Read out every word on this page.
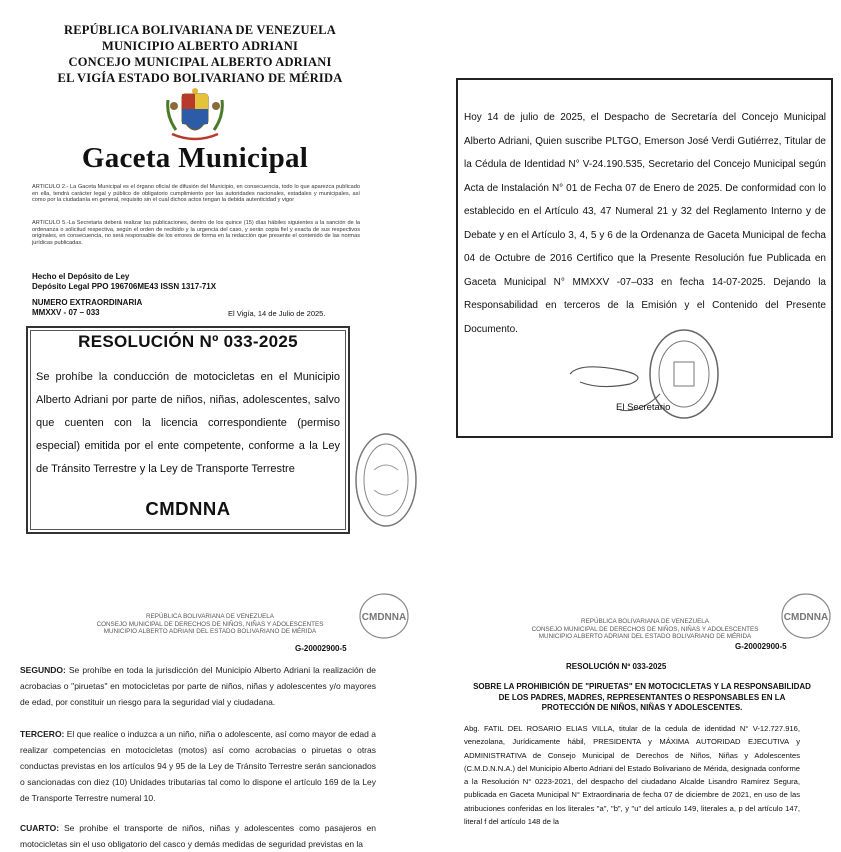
REPÚBLICA BOLIVARIANA DE VENEZUELA
MUNICIPIO ALBERTO ADRIANI
CONCEJO MUNICIPAL ALBERTO ADRIANI
EL VIGÍA ESTADO BOLIVARIANO DE MÉRIDA
Gaceta Municipal
ARTICULO 2.- La Gaceta Municipal es el órgano oficial de difusión del Municipio, en consecuencia, todo lo que aparezca publicado en ella, tendrá carácter legal y público de obligatorio cumplimiento por las autoridades nacionales, estadales y municipales, así como por la ciudadanía en general, requisito sin el cual dichos actos tengan la debida autenticidad y vigor
ARTICULO 5.-La Secretaria deberá realizar las publicaciones, dentro de los quince (15) días hábiles siguientes a la sanción de la ordenanza o solicitud respectiva, según el orden de recibido y la urgencia del caso, y serán copia fiel y exacta de sus respectivos originales, en consecuencia, no será responsable de los errores de forma en la redacción que presente el contenido de las normas jurídicas publicadas.
Hecho el Depósito de Ley
Depósito Legal PPO 196706ME43 ISSN 1317-71X
NUMERO EXTRAORDINARIA
MMXXV - 07 – 033	El Vigía, 14 de Julio de 2025.
RESOLUCIÓN Nº 033-2025
Se prohíbe la conducción de motocicletas en el Municipio Alberto Adriani por parte de niños, niñas, adolescentes, salvo que cuenten con la licencia correspondiente (permiso especial) emitida por el ente competente, conforme a la Ley de Tránsito Terrestre y la Ley de Transporte Terrestre
CMDNNA
Hoy 14 de julio de 2025, el Despacho de Secretaría del Concejo Municipal Alberto Adriani, Quien suscribe PLTGO, Emerson José Verdi Gutiérrez, Titular de la Cédula de Identidad N° V-24.190.535, Secretario del Concejo Municipal según Acta de Instalación N° 01 de Fecha 07 de Enero de 2025. De conformidad con lo establecido en el Artículo 43, 47 Numeral 21 y 32 del Reglamento Interno y de Debate y en el Artículo 3, 4, 5 y 6 de la Ordenanza de Gaceta Municipal de fecha 04 de Octubre de 2016 Certifico que la Presente Resolución fue Publicada en Gaceta Municipal N° MMXXV -07–033 en fecha 14-07-2025. Dejando la Responsabilidad en terceros de la Emisión y el Contenido del Presente Documento.
El Secretario
REPÚBLICA BOLIVARIANA DE VENEZUELA
CONSEJO MUNICIPAL DE DERECHOS DE NIÑOS, NIÑAS Y ADOLESCENTES
MUNICIPIO ALBERTO ADRIANI DEL ESTADO BOLIVARIANO DE MÉRIDA
G-20002900-5
CMDNNA
SEGUNDO: Se prohíbe en toda la jurisdicción del Municipio Alberto Adriani la realización de acrobacias o "piruetas" en motocicletas por parte de niños, niñas y adolescentes y/o mayores de edad, por constituir un riesgo para la seguridad vial y ciudadana.
TERCERO: El que realice o induzca a un niño, niña o adolescente, así como mayor de edad a realizar competencias en motocicletas (motos) así como acrobacias o piruetas o otras conductas previstas en los artículos 94 y 95 de la Ley de Tránsito Terrestre serán sancionados o sancionadas con diez (10) Unidades tributarias tal como lo dispone el artículo 169 de la Ley de Transporte Terrestre numeral 10.
CUARTO: Se prohíbe el transporte de niños, niñas y adolescentes como pasajeros en motocicletas sin el uso obligatorio del casco y demás medidas de seguridad previstas en la
REPÚBLICA BOLIVARIANA DE VENEZUELA
CONSEJO MUNICIPAL DE DERECHOS DE NIÑOS, NIÑAS Y ADOLESCENTES
MUNICIPIO ALBERTO ADRIANI DEL ESTADO BOLIVARIANO DE MÉRIDA
G-20002900-5
CMDNNA
RESOLUCIÓN Nº 033-2025
SOBRE LA PROHIBICIÓN DE "PIRUETAS" EN MOTOCICLETAS Y LA RESPONSABILIDAD DE LOS PADRES, MADRES, REPRESENTANTES O RESPONSABLES EN LA PROTECCIÓN DE NIÑOS, NIÑAS Y ADOLESCENTES.
Abg. FATIL DEL ROSARIO ELIAS VILLA, titular de la cedula de identidad N° V-12.727.916, venezolana, Jurídicamente hábil, PRESIDENTA y MÁXIMA AUTORIDAD EJECUTIVA y ADMINISTRATIVA de Consejo Municipal de Derechos de Niños, Niñas y Adolescentes (C.M.D.N.N.A.) del Municipio Alberto Adriani del Estado Bolivariano de Mérida, designada conforme a la Resolución N° 0223-2021, del despacho del ciudadano Alcalde Lisandro Ramírez Segura, publicada en Gaceta Municipal N° Extraordinaria de fecha 07 de diciembre de 2021, en uso de las atribuciones conferidas en los literales "a", "b", y "u" del artículo 149, literales a, p del artículo 147, literal f del artículo 148 de la
